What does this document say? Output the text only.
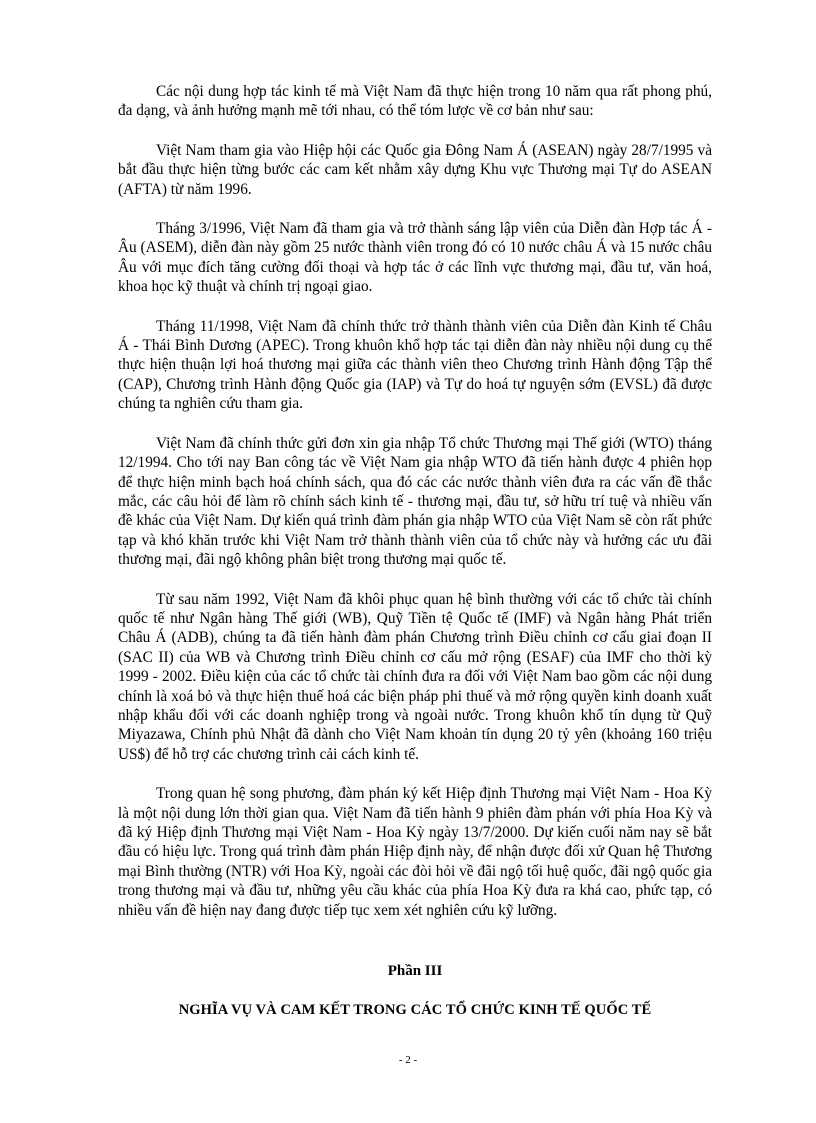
Các nội dung hợp tác kinh tế mà Việt Nam đã thực hiện trong 10 năm qua rất phong phú, đa dạng, và ảnh hưởng mạnh mẽ tới nhau, có thể tóm lược về cơ bản như sau:

Việt Nam tham gia vào Hiệp hội các Quốc gia Đông Nam Á (ASEAN) ngày 28/7/1995 và bắt đầu thực hiện từng bước các cam kết nhằm xây dựng Khu vực Thương mại Tự do ASEAN (AFTA) từ năm 1996.

Tháng 3/1996, Việt Nam đã tham gia và trở thành sáng lập viên của Diễn đàn Hợp tác Á - Âu (ASEM), diễn đàn này gồm 25 nước thành viên trong đó có 10 nước châu Á và 15 nước châu Âu với mục đích tăng cường đối thoại và hợp tác ở các lĩnh vực thương mại, đầu tư, văn hoá, khoa học kỹ thuật và chính trị ngoại giao.

Tháng 11/1998, Việt Nam đã chính thức trở thành thành viên của Diễn đàn Kinh tế Châu Á - Thái Bình Dương (APEC). Trong khuôn khổ hợp tác tại diễn đàn này nhiều nội dung cụ thể thực hiện thuận lợi hoá thương mại giữa các thành viên theo Chương trình Hành động Tập thể (CAP), Chương trình Hành động Quốc gia (IAP) và Tự do hoá tự nguyện sớm (EVSL) đã được chúng ta nghiên cứu tham gia.

Việt Nam đã chính thức gửi đơn xin gia nhập Tổ chức Thương mại Thế giới (WTO) tháng 12/1994. Cho tới nay Ban công tác về Việt Nam gia nhập WTO đã tiến hành được 4 phiên họp để thực hiện minh bạch hoá chính sách, qua đó các các nước thành viên đưa ra các vấn đề thắc mắc, các câu hỏi để làm rõ chính sách kinh tế - thương mại, đầu tư, sở hữu trí tuệ và nhiều vấn đề khác của Việt Nam. Dự kiến quá trình đàm phán gia nhập WTO của Việt Nam sẽ còn rất phức tạp và khó khăn trước khi Việt Nam trở thành thành viên của tổ chức này và hưởng các ưu đãi thương mại, đãi ngộ không phân biệt trong thương mại quốc tế.

Từ sau năm 1992, Việt Nam đã khôi phục quan hệ bình thường với các tổ chức tài chính quốc tế như Ngân hàng Thế giới (WB), Quỹ Tiền tệ Quốc tế (IMF) và Ngân hàng Phát triển Châu Á (ADB), chúng ta đã tiến hành đàm phán Chương trình Điều chỉnh cơ cấu giai đoạn II (SAC II) của WB và Chương trình Điều chỉnh cơ cấu mở rộng (ESAF) của IMF cho thời kỳ 1999 - 2002. Điều kiện của các tổ chức tài chính đưa ra đối với Việt Nam bao gồm các nội dung chính là xoá bỏ và thực hiện thuế hoá các biện pháp phi thuế và mở rộng quyền kinh doanh xuất nhập khẩu đối với các doanh nghiệp trong và ngoài nước. Trong khuôn khổ tín dụng từ Quỹ Miyazawa, Chính phủ Nhật đã dành cho Việt Nam khoản tín dụng 20 tỷ yên (khoảng 160 triệu US$) để hỗ trợ các chương trình cải cách kinh tế.

Trong quan hệ song phương, đàm phán ký kết Hiệp định Thương mại Việt Nam - Hoa Kỳ là một nội dung lớn thời gian qua. Việt Nam đã tiến hành 9 phiên đàm phán với phía Hoa Kỳ và đã ký Hiệp định Thương mại Việt Nam - Hoa Kỳ ngày 13/7/2000. Dự kiến cuối năm nay sẽ bắt đầu có hiệu lực. Trong quá trình đàm phán Hiệp định này, để nhận được đối xử Quan hệ Thương mại Bình thường (NTR) với Hoa Kỳ, ngoài các đòi hỏi về đãi ngộ tối huệ quốc, đãi ngộ quốc gia trong thương mại và đầu tư, những yêu cầu khác của phía Hoa Kỳ đưa ra khá cao, phức tạp, có nhiều vấn đề hiện nay đang được tiếp tục xem xét nghiên cứu kỹ lưỡng.

Phần III
NGHĨA VỤ VÀ CAM KẾT TRONG CÁC TỔ CHỨC KINH TẾ QUỐC TẾ
- 2 -
